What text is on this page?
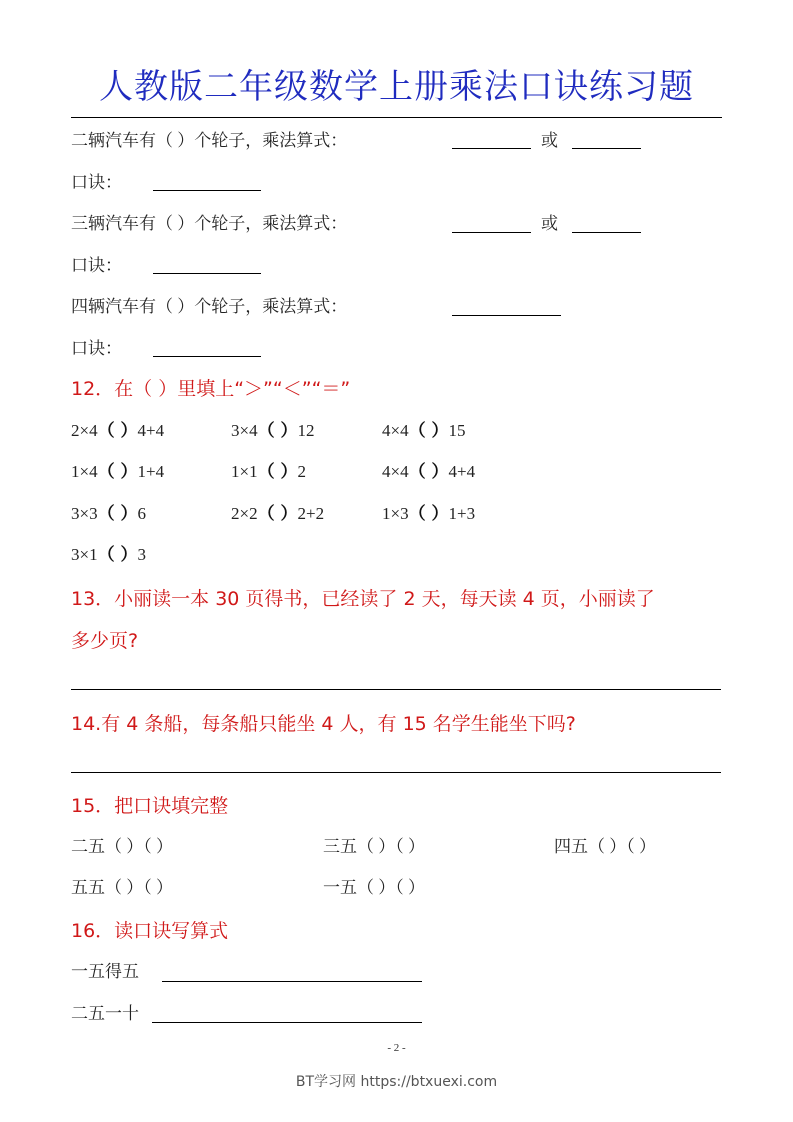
人教版二年级数学上册乘法口诀练习题
二辆汽车有（ ）个轮子，乘法算式：	或
口诀：
三辆汽车有（ ）个轮子，乘法算式：	或
口诀：
四辆汽车有（ ）个轮子，乘法算式：
口诀：
12．在（ ）里填上“＞”“＜”“＝”
2×4（ ）4+4	3×4（ ）12	4×4（ ）15
1×4（ ）1+4	1×1（ ）2	4×4（ ）4+4
3×3（ ）6	2×2（ ）2+2	1×3（ ）1+3
3×1（ ）3
13．小丽读一本 30 页得书，已经读了 2 天，每天读 4 页，小丽读了
多少页?
14.有 4 条船，每条船只能坐 4 人，有 15 名学生能坐下吗?
15．把口诀填完整
二五（ ）（ ）	三五（ ）（ ）	四五（ ）（ ）
五五（ ）（ ）	一五（ ）（ ）
16．读口诀写算式
一五得五
二五一十
- 2 -
BT学习网 https://btxuexi.com
